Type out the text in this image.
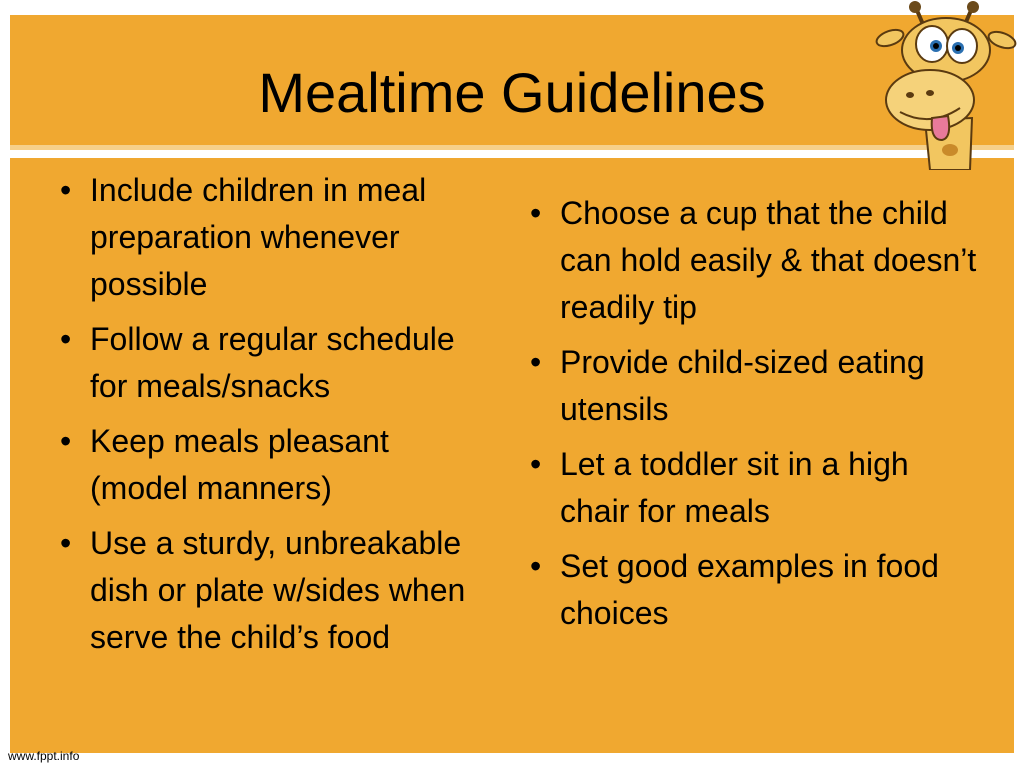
Mealtime Guidelines
• Include children in meal preparation whenever possible
• Follow a regular schedule for meals/snacks
• Keep meals pleasant (model manners)
• Use a sturdy, unbreakable dish or plate w/sides when serve the child’s food
• Choose a cup that the child can hold easily & that doesn’t readily tip
• Provide child-sized eating utensils
• Let a toddler sit in a high chair for meals
• Set good examples in food choices
www.fppt.info
